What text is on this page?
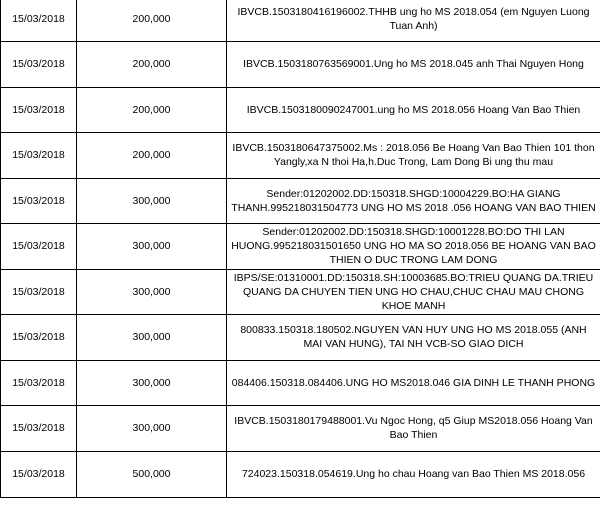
15/03/2018	200,000	IBVCB.1503180416196002.THHB ung ho MS 2018.054 (em Nguyen Luong Tuan Anh)
15/03/2018	200,000	IBVCB.1503180763569001.Ung ho MS 2018.045 anh Thai Nguyen Hong
15/03/2018	200,000	IBVCB.1503180090247001.ung ho MS 2018.056 Hoang Van Bao Thien
15/03/2018	200,000	IBVCB.1503180647375002.Ms : 2018.056 Be Hoang Van Bao Thien 101 thon Yangly,xa N thoi Ha,h.Duc Trong, Lam Dong Bi ung thu mau
15/03/2018	300,000	Sender:01202002.DD:150318.SHGD:10004229.BO:HA GIANG THANH.995218031504773 UNG HO MS 2018 .056 HOANG VAN BAO THIEN
15/03/2018	300,000	Sender:01202002.DD:150318.SHGD:10001228.BO:DO THI LAN HUONG.995218031501650 UNG HO MA SO 2018.056 BE HOANG VAN BAO THIEN O DUC TRONG LAM DONG
15/03/2018	300,000	IBPS/SE:01310001.DD:150318.SH:10003685.BO:TRIEU QUANG DA.TRIEU QUANG DA CHUYEN TIEN UNG HO CHAU,CHUC CHAU MAU CHONG KHOE MANH
15/03/2018	300,000	800833.150318.180502.NGUYEN VAN HUY UNG HO MS 2018.055 (ANH MAI VAN HUNG), TAI NH VCB-SO GIAO DICH
15/03/2018	300,000	084406.150318.084406.UNG HO MS2018.046 GIA DINH LE THANH PHONG
15/03/2018	300,000	IBVCB.1503180179488001.Vu Ngoc Hong, q5 Giup MS2018.056 Hoang Van Bao Thien
15/03/2018	500,000	724023.150318.054619.Ung ho chau Hoang van Bao Thien MS 2018.056
